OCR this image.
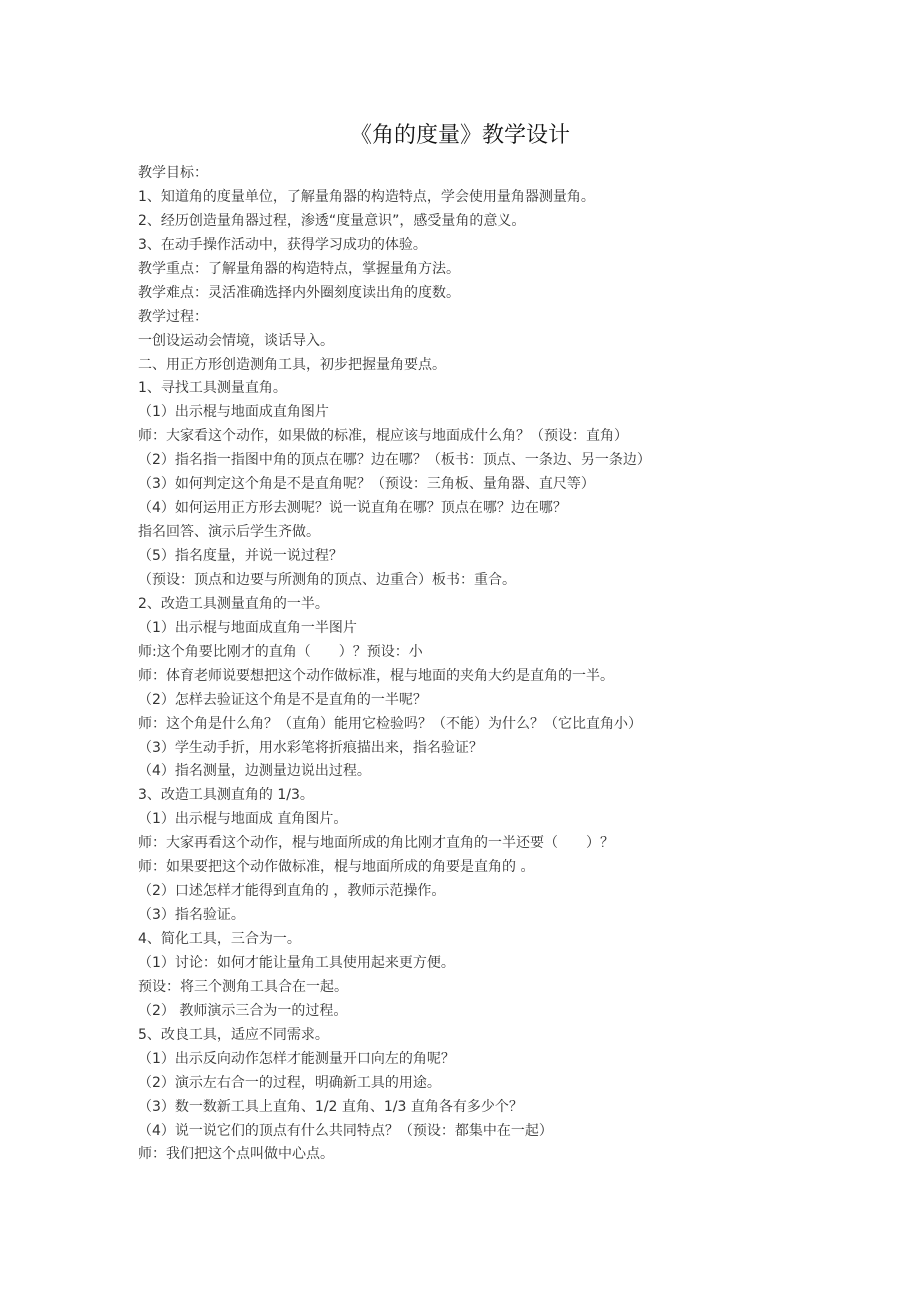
《角的度量》教学设计
教学目标：
1、知道角的度量单位，了解量角器的构造特点，学会使用量角器测量角。
2、经历创造量角器过程，渗透“度量意识”，感受量角的意义。
3、在动手操作活动中，获得学习成功的体验。
教学重点：了解量角器的构造特点，掌握量角方法。
教学难点：灵活准确选择内外圈刻度读出角的度数。
教学过程：
一创设运动会情境，谈话导入。
二、用正方形创造测角工具，初步把握量角要点。
1、寻找工具测量直角。
（1）出示棍与地面成直角图片
师：大家看这个动作，如果做的标准，棍应该与地面成什么角？（预设：直角）
（2）指名指一指图中角的顶点在哪？边在哪？（板书：顶点、一条边、另一条边）
（3）如何判定这个角是不是直角呢？（预设：三角板、量角器、直尺等）
（4）如何运用正方形去测呢？说一说直角在哪？顶点在哪？边在哪？
指名回答、演示后学生齐做。
（5）指名度量，并说一说过程？
（预设：顶点和边要与所测角的顶点、边重合）板书：重合。
2、改造工具测量直角的一半。
（1）出示棍与地面成直角一半图片
师:这个角要比刚才的直角（　　）？预设：小
师：体育老师说要想把这个动作做标准，棍与地面的夹角大约是直角的一半。
（2）怎样去验证这个角是不是直角的一半呢？
师：这个角是什么角？（直角）能用它检验吗？（不能）为什么？（它比直角小）
（3）学生动手折，用水彩笔将折痕描出来，指名验证？
（4）指名测量，边测量边说出过程。
3、改造工具测直角的 1/3。
（1）出示棍与地面成 直角图片。
师：大家再看这个动作，棍与地面所成的角比刚才直角的一半还要（　　）？
师：如果要把这个动作做标准，棍与地面所成的角要是直角的 。
（2）口述怎样才能得到直角的 ，教师示范操作。
（3）指名验证。
4、简化工具，三合为一。
（1）讨论：如何才能让量角工具使用起来更方便。
预设：将三个测角工具合在一起。
（2） 教师演示三合为一的过程。
5、改良工具，适应不同需求。
（1）出示反向动作怎样才能测量开口向左的角呢？
（2）演示左右合一的过程，明确新工具的用途。
（3）数一数新工具上直角、1/2 直角、1/3 直角各有多少个？
（4）说一说它们的顶点有什么共同特点？（预设：都集中在一起）
师：我们把这个点叫做中心点。
